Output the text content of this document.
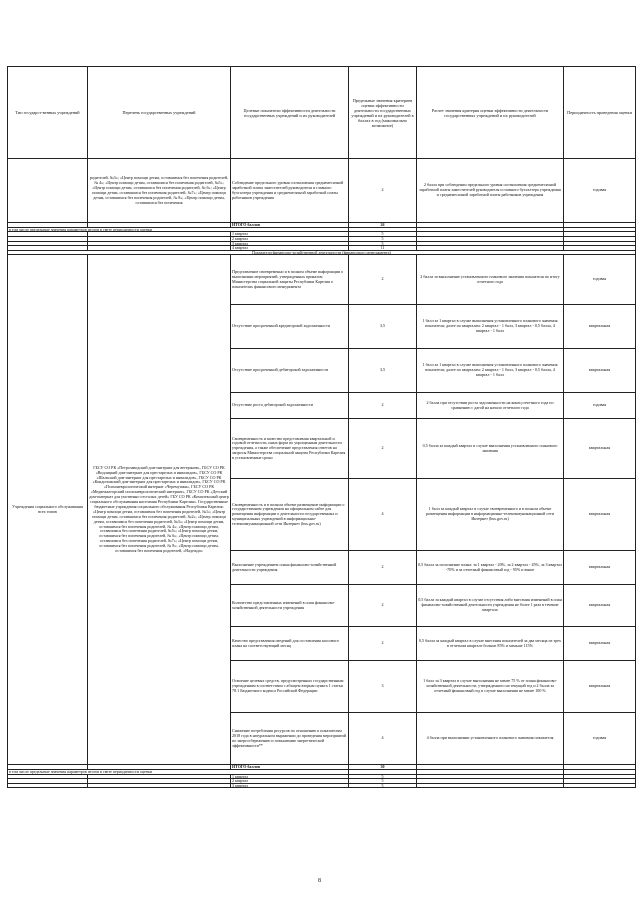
Тип государст-венных учреждений	Перечень государственных учреждений	Целевые показатели эффективности деятельности государственных учреждений и их руководителей	Предельные значения критериев оценки эффективности деятельности государственных учреждений и их руководителей в баллах в год (максимально возможное)	Расчет значения критерия оценки эффективности деятельности государственных учреждений и их руководителей	Периодичность проведения оценки
	родителей, №3»; «Центр помощи детям, оставшимся без попечения родителей, № 4»; «Центр помощи детям, оставшимся без попечения родителей, №5»; «Центр помощи детям, оставшимся без попечения родителей, № 6»; «Центр помощи детям, оставшимся без попечения родителей, №7»; «Центр помощи детям, оставшимся без попечения родителей, № 8»; «Центр помощи детям, оставшимся без попечения	Соблюдение предельного уровня соотношения среднемесячной заработной платы заместителей руководителя и главного бухгалтера учреждения и среднемесячной заработной платы работников учреждения	2	2 балла при соблюдении предельного уровня соотношения среднемесячной заработной платы заместителей руководителя и главного бухгалтера учреждения и среднемесячной заработной платы работников учреждения	годовая
		ИТОГО баллов	26		
в том числе предельные значения параметров итогов в свете периодичности оценки					
		1 квартал	5		
		2 квартал	5		
		3 квартал	5		
		4 квартал	11		
Показатели финансово-хозяйственной деятельности (финансового менеджмента)					
Учреждения социального обслуживания всех типов	ГБСУ СО РК «Петрозаводский дом-интернат для ветеранов», ГБСУ СО РК «Видлицкий дом-интернат для престарелых и инвалидов», ГБСУ СО РК «Шальский дом-интернат для престарелых и инвалидов», ГБСУ СО РК «Кондопожский дом-интернат для престарелых и инвалидов», ГБСУ СО РК «Психоневрологический интернат «Черемушки», ГБСУ СО РК «Медвежьегорский психоневрологический интернат», ГБСУ СО РК «Детский дом-интернат для умственно отсталых детей» ГБУ СО РК «Комплексный центр социального обслуживания населения Республики Карелия». Государственные бюджетные учреждения социального обслуживания Республики Карелия: «Центр помощи детям, оставшимся без попечения родителей, №1»; «Центр помощи детям, оставшимся без попечения родителей, №2»; «Центр помощи детям, оставшимся без попечения родителей, №3»; «Центр помощи детям, оставшимся без попечения родителей, № 4»; «Центр помощи детям, оставшимся без попечения родителей, №5»; «Центр помощи детям, оставшимся без попечения родителей, № 6»; «Центр помощи детям, оставшимся без попечения родителей, №7»; «Центр помощи детям, оставшимся без попечения родителей, № 8»; «Центр помощи детям, оставшимся без попечения родителей, «Надежда»	Представление своевременно и в полном объеме информации о выполнении мероприятий, утвержденных приказом Министерства социальной защиты Республики Карелия о показателях финансового менеджмента	2	2 балла за выполнение установленного планового значения показателя по итогу отчетного года	годовая
		Отсутствие просроченной кредиторской задолженности	3,5	1 балл за 1 квартал в случае выполнения установленного планового значения показателя; далее по кварталам: 2 квартал - 1 балл, 3 квартал - 0,5 балла, 4 квартал - 1 балл	квартальная
		Отсутствие просроченной дебиторской задолженности	3,5	1 балл за 1 квартал в случае выполнения установленного планового значения показателя; далее по кварталам: 2 квартал - 1 балл, 3 квартал - 0,5 балла, 4 квартал - 1 балл	квартальная
		Отсутствие роста дебиторской задолженности	2	2 балла при отсутствии роста задолженности на конец отчетного года по сравнению с датой на начало отчетного года	годовая
		Своевременность и качество представления квартальной и годовой отчетности, иных форм по упрощенным деятельности учреждения, а также обеспечение представления ответов на запросы Министерства социальной защиты Республики Карелия в установленные сроки	2	0,5 балла за каждый квартал в случае выполнения установленного планового значения	квартальная
		Своевременность и в полном объеме размещение информации о государственном учреждении на официальном сайте для размещения информации о деятельности государственных и муниципальных учреждений в информационно-телекоммуникационной сети Интернет (bus.gov.ru)	4	1 балл за каждый квартал в случае своевременного и в полном объеме размещения информации в информационно-телекоммуникационной сети Интернет (bus.gov.ru)	квартальная
		Выполнение учреждением плана финансово-хозяйственной деятельности учреждения	2	0,5 балла за исполнение плана: за 1 квартал - 20%, за 2 квартал - 45%, за 3 квартал -70% и за отчетный финансовый год - 95% и выше	квартальная
		Количество представленных изменений в план финансово-хозяйственной деятельности учреждения	2	0,5 балла за каждый квартал в случае отсутствия либо внесения изменений в план финансово-хозяйственной деятельности учреждения не более 1 раза в течение квартала	квартальная
		Качество представления сведений для составления кассового плана на соответствующий месяц	2	0,5 балла за каждый квартал в случае внесения показателей за два месяца из трех в отчетном квартале больше 85% и меньше 115%	квартальная
		Освоение целевых средств, предусмотренных государственным учреждениям в соответствии с абзацем вторым пункта 1 статьи 78.1 Бюджетного кодекса Российской Федерации	3	1 балл за 3 квартал в случае выполнения не менее 75 % от плана финансово-хозяйственной деятельности, утвержденного на текущий год и 2 балла за отчетный финансовый год в случае выполнения не менее 100 %	квартальная
		Снижение потребления ресурсов по отношению к показателям 2018 года в натуральном выражении до проведения мероприятий по энергосбережению и повышению энергетической эффективности**	4	4 балла при выполнении установленного планового значения показателя	годовая
		ИТОГО баллов	30		
в том числе предельные значения параметров итогов в свете периодичности оценки					
		1 квартал	5		
		2 квартал	5		
		3 квартал	5		
8
